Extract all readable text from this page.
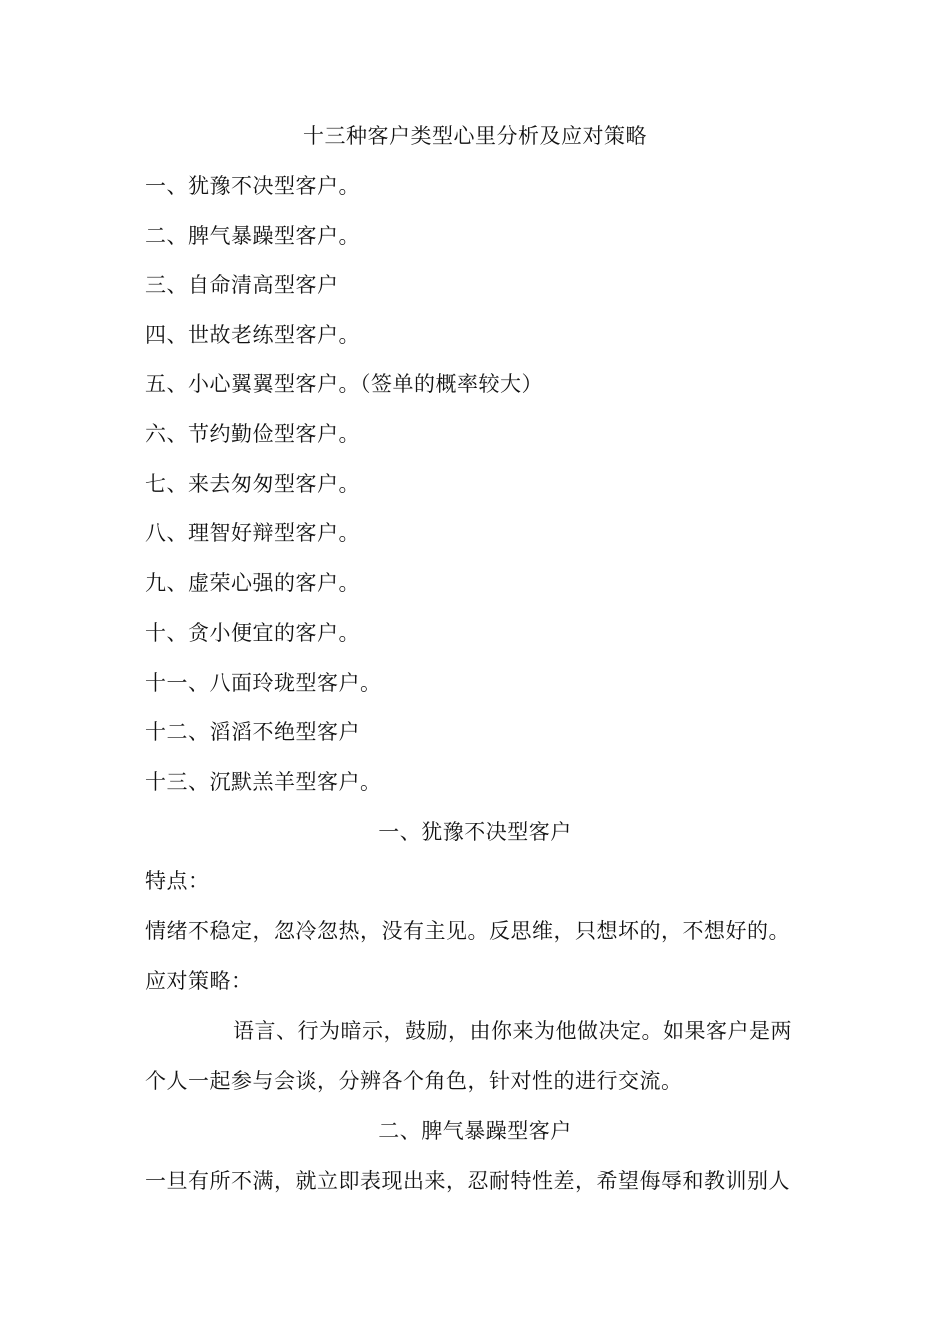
十三种客户类型心里分析及应对策略
一、犹豫不决型客户。
二、脾气暴躁型客户。
三、自命清高型客户
四、世故老练型客户。
五、小心翼翼型客户。（签单的概率较大）
六、节约勤俭型客户。
七、来去匆匆型客户。
八、理智好辩型客户。
九、虚荣心强的客户。
十、贪小便宜的客户。
十一、八面玲珑型客户。
十二、滔滔不绝型客户
十三、沉默羔羊型客户。
一、犹豫不决型客户
特点：
情绪不稳定，忽冷忽热，没有主见。反思维，只想坏的，不想好的。
应对策略：
语言、行为暗示，鼓励，由你来为他做决定。如果客户是两
个人一起参与会谈，分辨各个角色，针对性的进行交流。
二、脾气暴躁型客户
一旦有所不满，就立即表现出来，忍耐特性差，希望侮辱和教训别人
